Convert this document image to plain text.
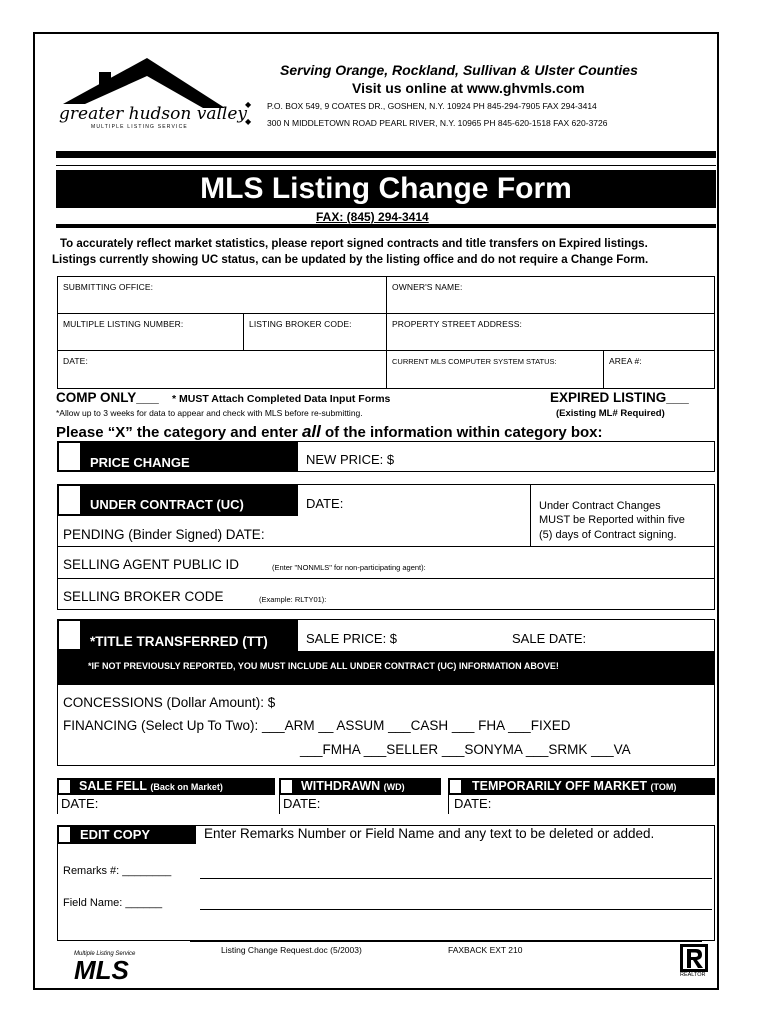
greater hudson valley
MULTIPLE LISTING SERVICE
Serving Orange, Rockland, Sullivan & Ulster Counties
Visit us online at www.ghvmls.com
◆ P.O. BOX 549, 9 COATES DR., GOSHEN, N.Y. 10924 PH 845-294-7905 FAX 294-3414
◆ 300 N MIDDLETOWN ROAD PEARL RIVER, N.Y. 10965 PH 845-620-1518 FAX 620-3726
MLS Listing Change Form
FAX: (845) 294-3414
To accurately reflect market statistics, please report signed contracts and title transfers on Expired listings.
Listings currently showing UC status, can be updated by the listing office and do not require a Change Form.
SUBMITTING OFFICE:	OWNER'S NAME:
MULTIPLE LISTING NUMBER:	LISTING BROKER CODE:	PROPERTY STREET ADDRESS:
DATE:	CURRENT MLS COMPUTER SYSTEM STATUS:	AREA #:
COMP ONLY___ * MUST Attach Completed Data Input Forms
*Allow up to 3 weeks for data to appear and check with MLS before re-submitting.
EXPIRED LISTING___
(Existing ML# Required)
Please “X” the category and enter all of the information within category box:
PRICE CHANGE	NEW PRICE: $
UNDER CONTRACT (UC)	DATE:	Under Contract Changes
MUST be Reported within five
(5) days of Contract signing.
PENDING (Binder Signed) DATE:
SELLING AGENT PUBLIC ID	(Enter "NONMLS" for non-participating agent):
SELLING BROKER CODE	(Example: RLTY01):
*TITLE TRANSFERRED (TT)	SALE PRICE: $	SALE DATE:
*IF NOT PREVIOUSLY REPORTED, YOU MUST INCLUDE ALL UNDER CONTRACT (UC) INFORMATION ABOVE!
CONCESSIONS (Dollar Amount): $
FINANCING (Select Up To Two): ___ARM __ ASSUM ___CASH ___ FHA ___FIXED
___FMHA ___SELLER ___SONYMA ___SRMK ___VA
SALE FELL (Back on Market)
DATE:
WITHDRAWN (WD)
DATE:
TEMPORARILY OFF MARKET (TOM)
DATE:
EDIT COPY	Enter Remarks Number or Field Name and any text to be deleted or added.
Remarks #: ________
Field Name: ______
Multiple Listing Service
MLS
Listing Change Request.doc (5/2003)	FAXBACK EXT 210
REALTOR
